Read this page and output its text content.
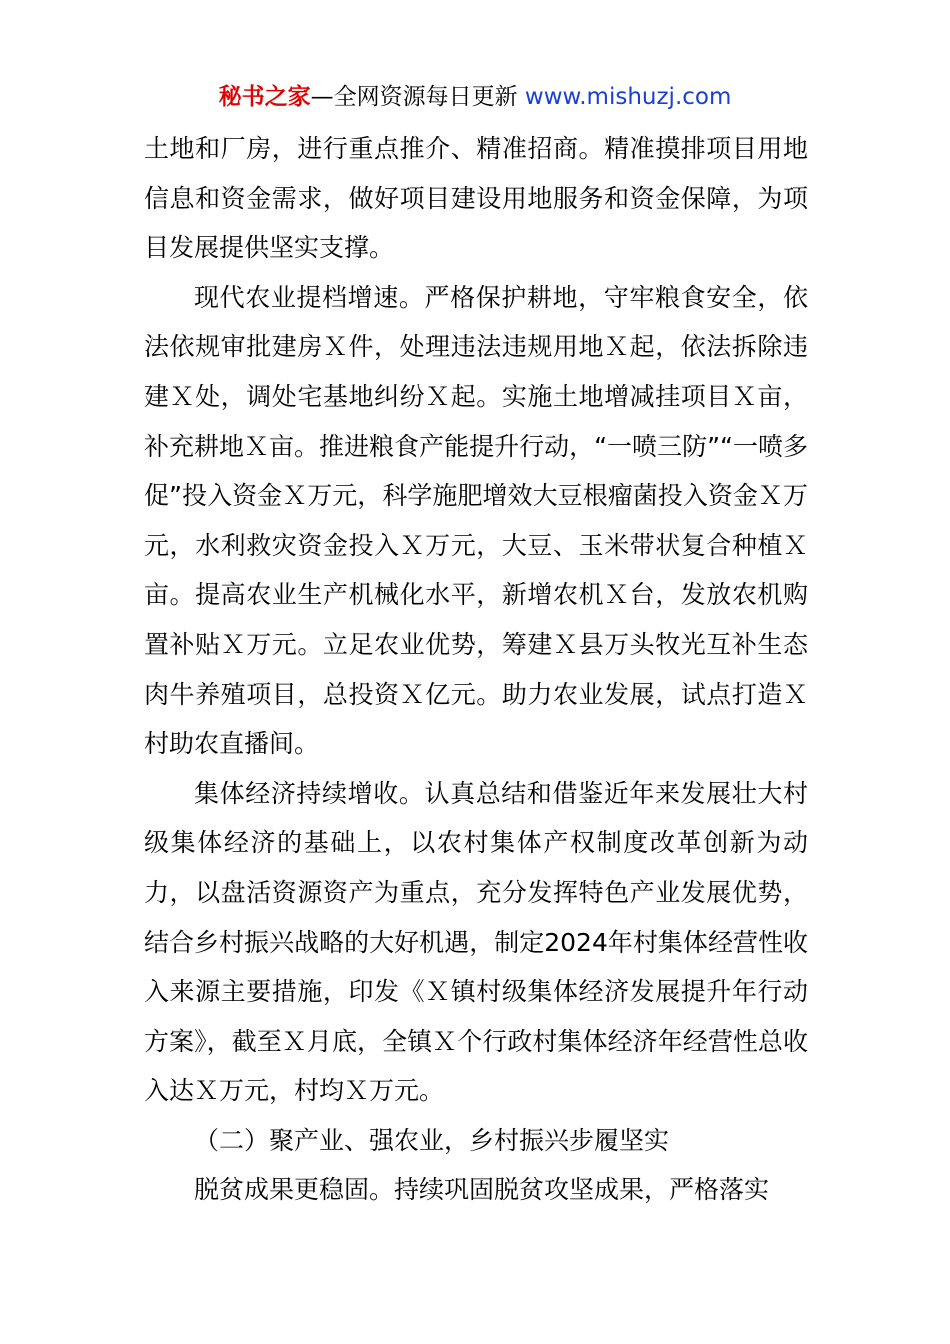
秘书之家—全网资源每日更新 www.mishuzj.com

土地和厂房，进行重点推介、精准招商。精准摸排项目用地信息和资金需求，做好项目建设用地服务和资金保障，为项目发展提供坚实支撑。

现代农业提档增速。严格保护耕地，守牢粮食安全，依法依规审批建房Ｘ件，处理违法违规用地Ｘ起，依法拆除违建Ｘ处，调处宅基地纠纷Ｘ起。实施土地增减挂项目Ｘ亩，补充耕地Ｘ亩。推进粮食产能提升行动，“一喷三防”“一喷多促”投入资金Ｘ万元，科学施肥增效大豆根瘤菌投入资金Ｘ万元，水利救灾资金投入Ｘ万元，大豆、玉米带状复合种植Ｘ亩。提高农业生产机械化水平，新增农机Ｘ台，发放农机购置补贴Ｘ万元。立足农业优势，筹建Ｘ县万头牧光互补生态肉牛养殖项目，总投资Ｘ亿元。助力农业发展，试点打造Ｘ村助农直播间。

集体经济持续增收。认真总结和借鉴近年来发展壮大村级集体经济的基础上，以农村集体产权制度改革创新为动力，以盘活资源资产为重点，充分发挥特色产业发展优势，结合乡村振兴战略的大好机遇，制定2024年村集体经营性收入来源主要措施，印发《Ｘ镇村级集体经济发展提升年行动方案》，截至Ｘ月底，全镇Ｘ个行政村集体经济年经营性总收入达Ｘ万元，村均Ｘ万元。

（二）聚产业、强农业，乡村振兴步履坚实

脱贫成果更稳固。持续巩固脱贫攻坚成果，严格落实
